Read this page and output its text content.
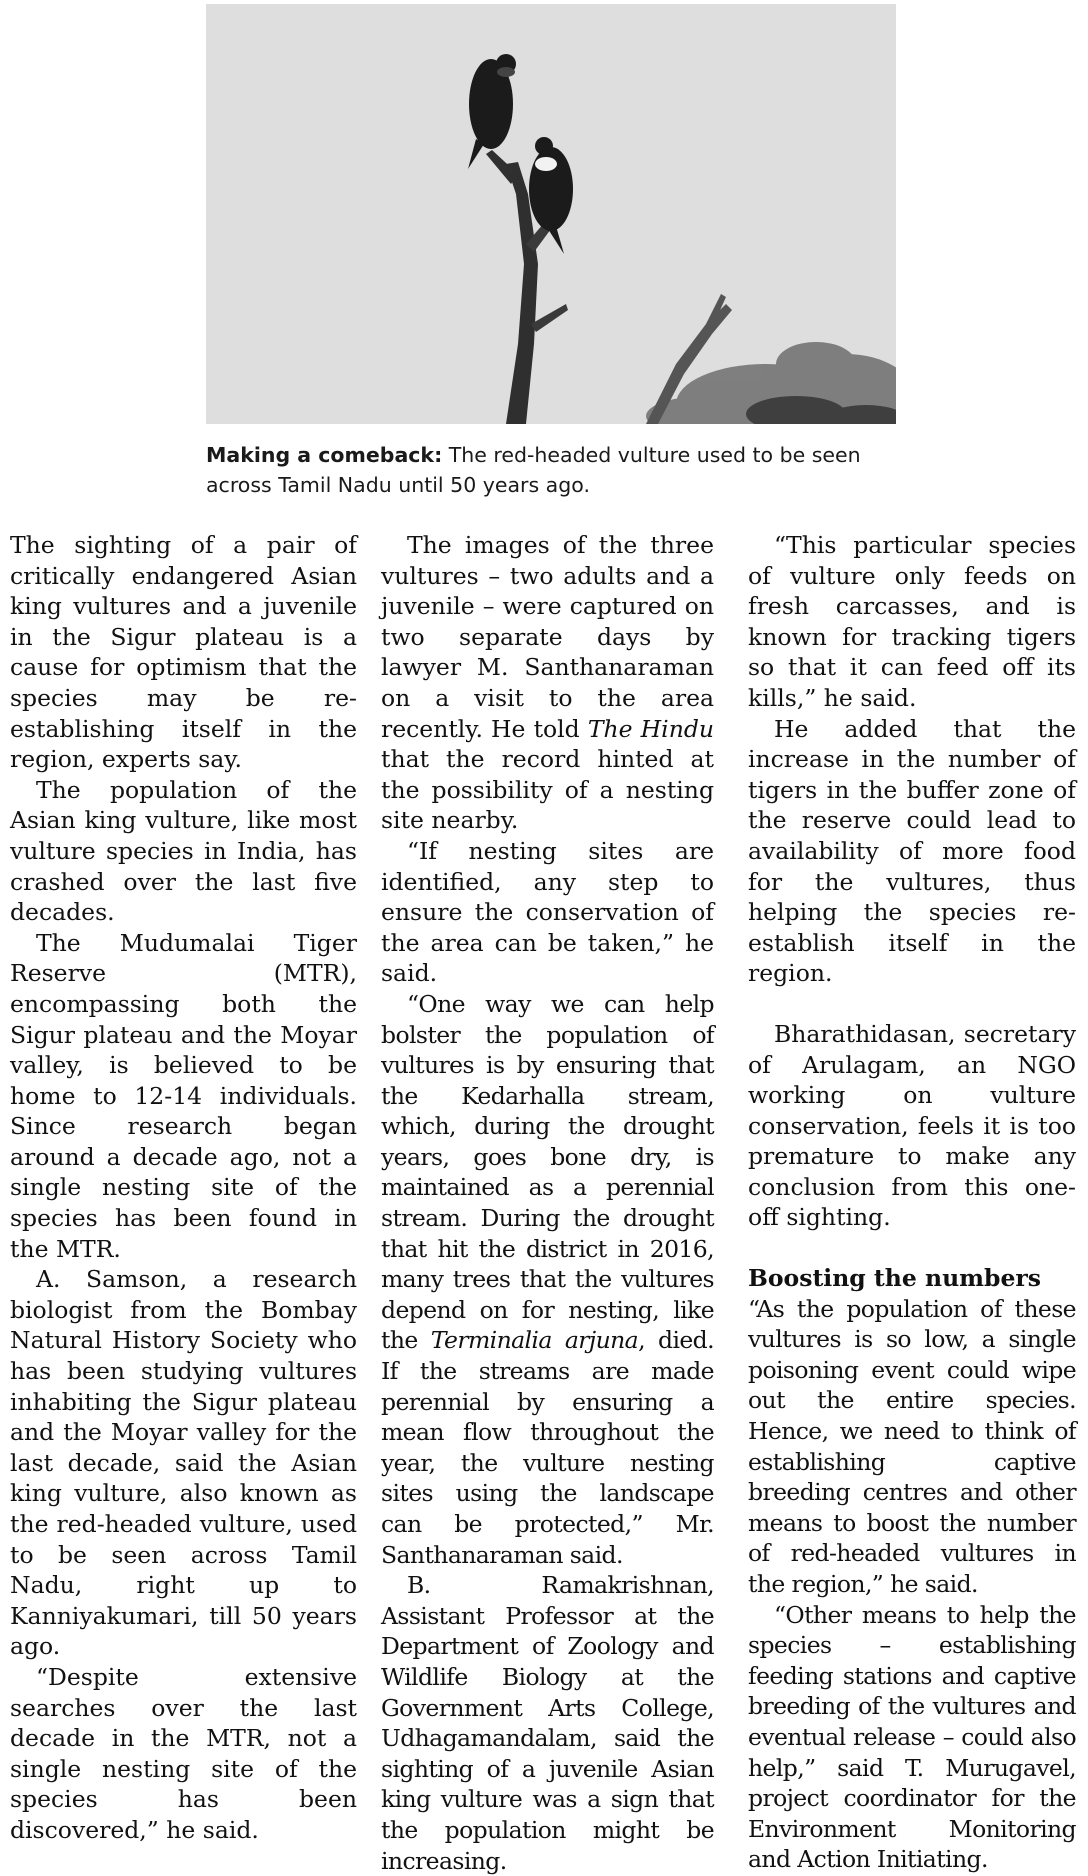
Making a comeback: The red-headed vulture used to be seen across Tamil Nadu until 50 years ago.

The sighting of a pair of critically endangered Asian king vultures and a juvenile in the Sigur plateau is a cause for optimism that the species may be re-establishing itself in the region, experts say.

The population of the Asian king vulture, like most vulture species in India, has crashed over the last five decades.

The Mudumalai Tiger Reserve (MTR), encompassing both the Sigur plateau and the Moyar valley, is believed to be home to 12-14 individuals. Since research began around a decade ago, not a single nesting site of the species has been found in the MTR.

A. Samson, a research biologist from the Bombay Natural History Society who has been studying vultures inhabiting the Sigur plateau and the Moyar valley for the last decade, said the Asian king vulture, also known as the red-headed vulture, used to be seen across Tamil Nadu, right up to Kanniyakumari, till 50 years ago.

“Despite extensive searches over the last decade in the MTR, not a single nesting site of the species has been discovered,” he said.

The images of the three vultures – two adults and a juvenile – were captured on two separate days by lawyer M. Santhanaraman on a visit to the area recently. He told The Hindu that the record hinted at the possibility of a nesting site nearby.

“If nesting sites are identified, any step to ensure the conservation of the area can be taken,” he said.

“One way we can help bolster the population of vultures is by ensuring that the Kedarhalla stream, which, during the drought years, goes bone dry, is maintained as a perennial stream. During the drought that hit the district in 2016, many trees that the vultures depend on for nesting, like the Terminalia arjuna, died. If the streams are made perennial by ensuring a mean flow throughout the year, the vulture nesting sites using the landscape can be protected,” Mr. Santhanaraman said.

B. Ramakrishnan, Assistant Professor at the Department of Zoology and Wildlife Biology at the Government Arts College, Udhagamandalam, said the sighting of a juvenile Asian king vulture was a sign that the population might be increasing.

“This particular species of vulture only feeds on fresh carcasses, and is known for tracking tigers so that it can feed off its kills,” he said.

He added that the increase in the number of tigers in the buffer zone of the reserve could lead to availability of more food for the vultures, thus helping the species re-establish itself in the region.

Bharathidasan, secretary of Arulagam, an NGO working on vulture conservation, feels it is too premature to make any conclusion from this one-off sighting.

Boosting the numbers

“As the population of these vultures is so low, a single poisoning event could wipe out the entire species. Hence, we need to think of establishing captive breeding centres and other means to boost the number of red-headed vultures in the region,” he said.

“Other means to help the species – establishing feeding stations and captive breeding of the vultures and eventual release – could also help,” said T. Murugavel, project coordinator for the Environment Monitoring and Action Initiating.
